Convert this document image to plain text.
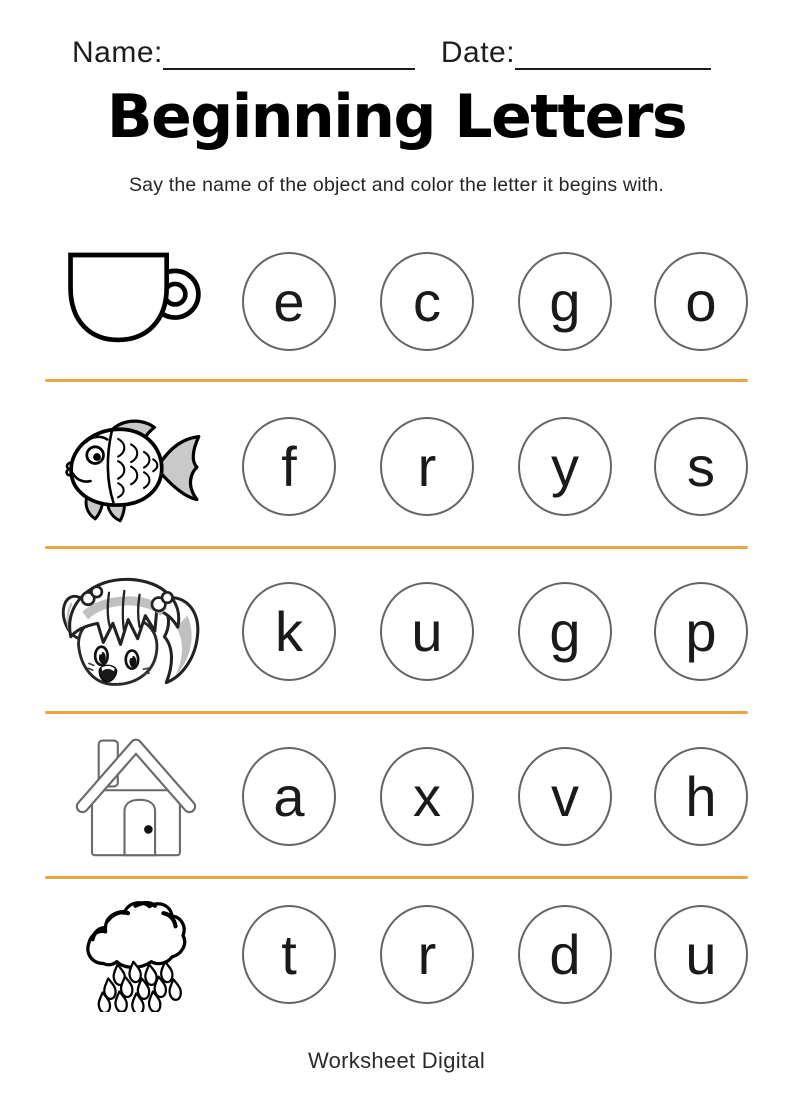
Name:	Date:
Beginning Letters
Say the name of the object and color the letter it begins with.
e	c	g	o
f	r	y	s
k	u	g	p
a	x	v	h
t	r	d	u
Worksheet Digital
